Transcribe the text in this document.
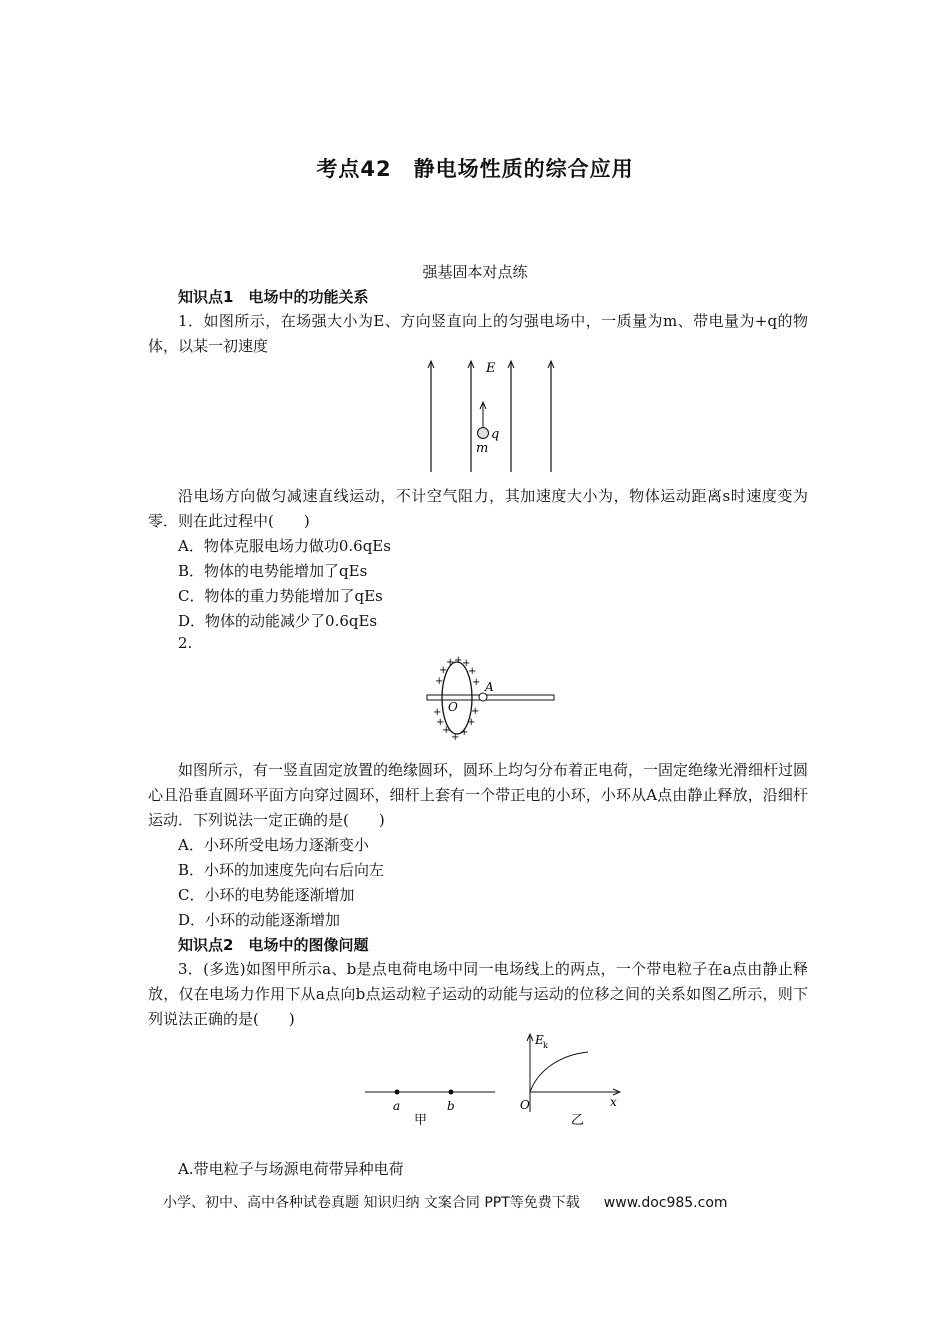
考点42　静电场性质的综合应用
强基固本对点练
知识点1　电场中的功能关系
1．如图所示，在场强大小为E、方向竖直向上的匀强电场中，一质量为m、带电量为+q的物体，以某一初速度
E
q
m
沿电场方向做匀减速直线运动，不计空气阻力，其加速度大小为，物体运动距离s时速度变为零．则在此过程中(　　)
A．物体克服电场力做功0.6qEs
B．物体的电势能增加了qEs
C．物体的重力势能增加了qEs
D．物体的动能减少了0.6qEs
2.
A
O
+ + +
+ +
+	+
+	+
+ +
+ +
+
如图所示，有一竖直固定放置的绝缘圆环，圆环上均匀分布着正电荷，一固定绝缘光滑细杆过圆心且沿垂直圆环平面方向穿过圆环，细杆上套有一个带正电的小环，小环从A点由静止释放，沿细杆运动．下列说法一定正确的是(　　)
A．小环所受电场力逐渐变小
B．小环的加速度先向右后向左
C．小环的电势能逐渐增加
D．小环的动能逐渐增加
知识点2　电场中的图像问题
3．(多选)如图甲所示a、b是点电荷电场中同一电场线上的两点，一个带电粒子在a点由静止释放，仅在电场力作用下从a点向b点运动粒子运动的动能与运动的位移之间的关系如图乙所示，则下列说法正确的是(　　)
a	b
甲
E k
O	x
乙
A.带电粒子与场源电荷带异种电荷
小学、初中、高中各种试卷真题 知识归纳 文案合同 PPT等免费下载 www.doc985.com
